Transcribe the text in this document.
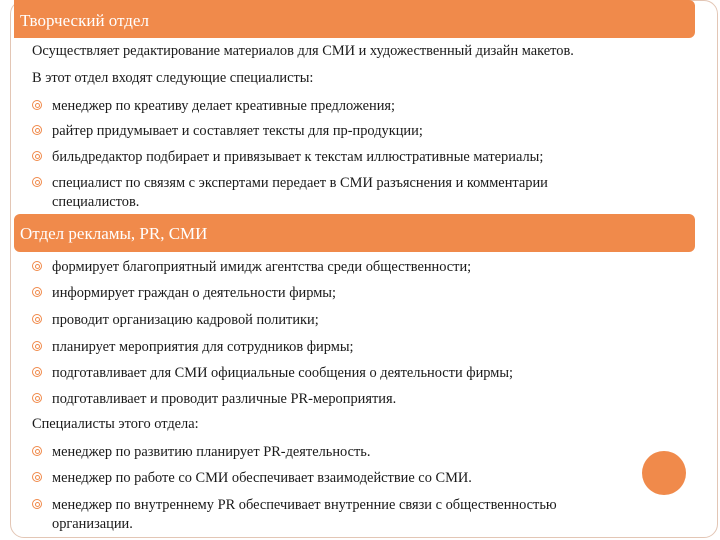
Творческий отдел
Осуществляет редактирование материалов для СМИ и художественный дизайн макетов.
В этот отдел входят следующие специалисты:
менеджер по креативу делает креативные предложения;
райтер придумывает и составляет тексты для пр-продукции;
бильдредактор подбирает и привязывает к текстам иллюстративные материалы;
специалист по связям с экспертами передает в СМИ разъяснения и комментарии
специалистов.
Отдел рекламы, PR, СМИ
формирует благоприятный имидж агентства среди общественности;
информирует граждан о деятельности фирмы;
проводит организацию кадровой политики;
планирует мероприятия для сотрудников фирмы;
подготавливает для СМИ официальные сообщения о деятельности фирмы;
подготавливает и проводит различные PR-мероприятия.
Специалисты этого отдела:
менеджер по развитию планирует PR-деятельность.
менеджер по работе со СМИ обеспечивает взаимодействие со СМИ.
менеджер по внутреннему PR обеспечивает внутренние связи с общественностью
организации.
